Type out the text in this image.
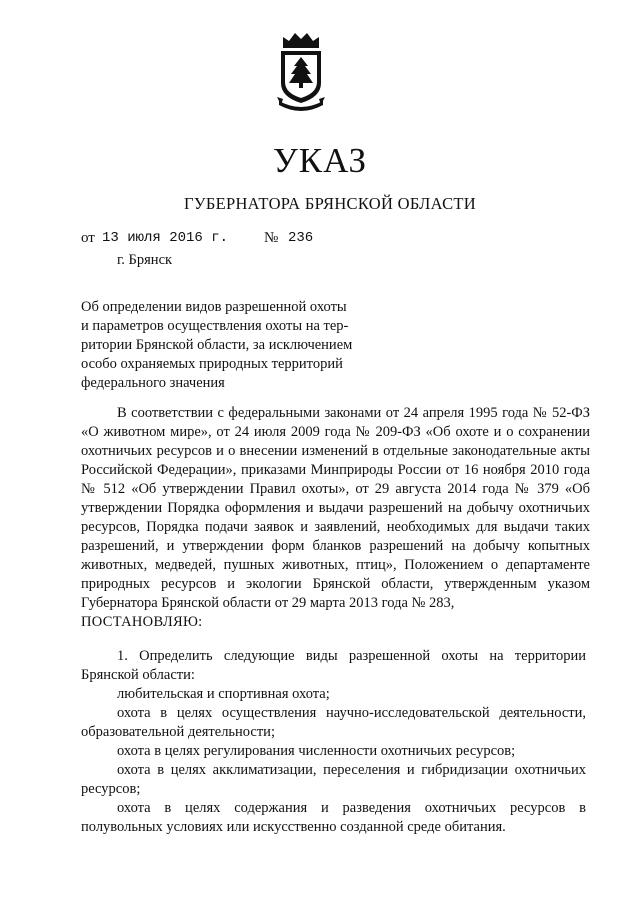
УКАЗ
ГУБЕРНАТОРА БРЯНСКОЙ ОБЛАСТИ
от 13 июля 2016 г. № 236
г. Брянск
Об определении видов разрешенной охоты
и параметров осуществления охоты на тер-
ритории Брянской области, за исключением
особо охраняемых природных территорий
федерального значения

В соответствии с федеральными законами от 24 апреля 1995 года № 52-ФЗ «О животном мире», от 24 июля 2009 года № 209-ФЗ «Об охоте и о сохранении охотничьих ресурсов и о внесении изменений в отдельные законодательные акты Российской Федерации», приказами Минприроды России от 16 ноября 2010 года № 512 «Об утверждении Правил охоты», от 29 августа 2014 года № 379 «Об утверждении Порядка оформления и выдачи разрешений на добычу охотничьих ресурсов, Порядка подачи заявок и заявлений, необходимых для выдачи таких разрешений, и утверждении форм бланков разрешений на добычу копытных животных, медведей, пушных животных, птиц», Положением о департаменте природных ресурсов и экологии Брянской области, утвержденным указом Губернатора Брянской области от 29 марта 2013 года № 283,

ПОСТАНОВЛЯЮ:

1. Определить следующие виды разрешенной охоты на территории Брянской области:

любительская и спортивная охота;

охота в целях осуществления научно-исследовательской деятельности, образовательной деятельности;

охота в целях регулирования численности охотничьих ресурсов;

охота в целях акклиматизации, переселения и гибридизации охотничьих ресурсов;

охота в целях содержания и разведения охотничьих ресурсов в полувольных условиях или искусственно созданной среде обитания.
